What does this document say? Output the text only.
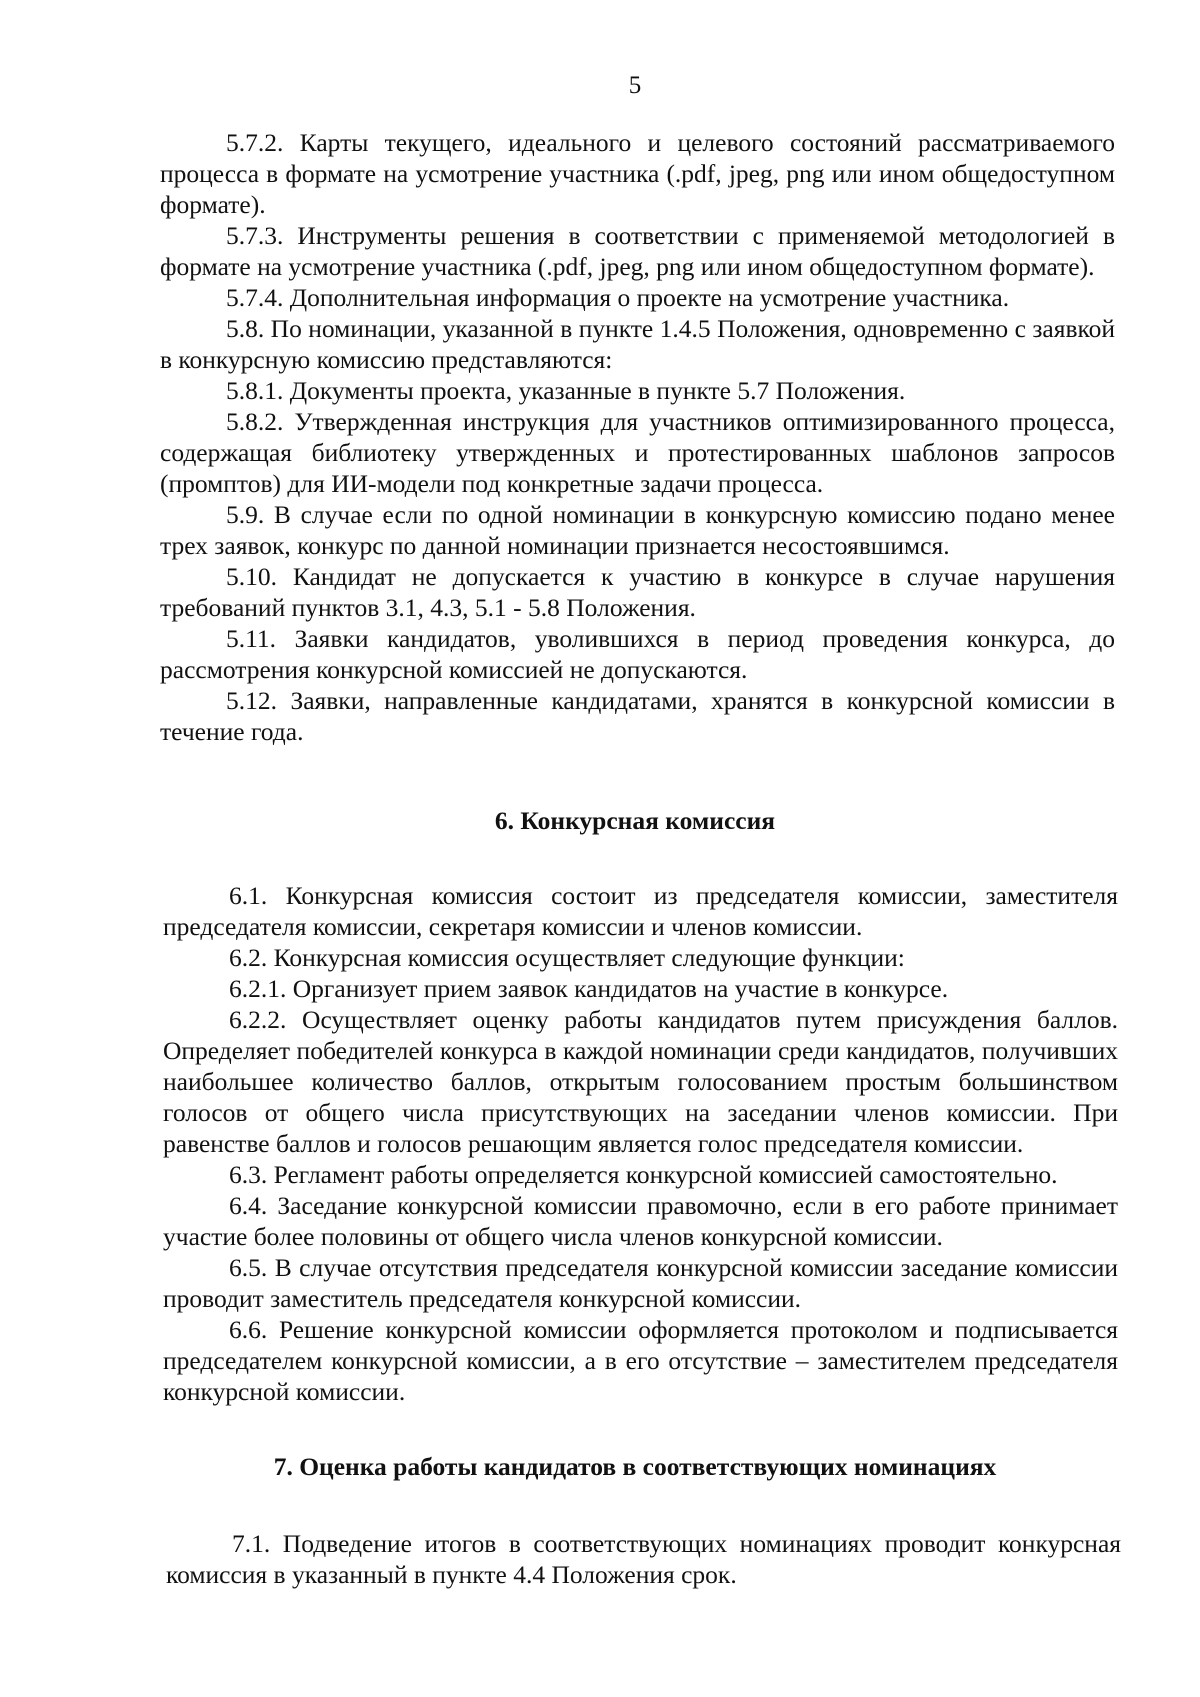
5

5.7.2. Карты текущего, идеального и целевого состояний рассматриваемого процесса в формате на усмотрение участника (.pdf, jpeg, png или ином общедоступном формате).

5.7.3. Инструменты решения в соответствии с применяемой методологией в формате на усмотрение участника (.pdf, jpeg, png или ином общедоступном формате).

5.7.4. Дополнительная информация о проекте на усмотрение участника.

5.8. По номинации, указанной в пункте 1.4.5 Положения, одновременно с заявкой в конкурсную комиссию представляются:

5.8.1. Документы проекта, указанные в пункте 5.7 Положения.

5.8.2. Утвержденная инструкция для участников оптимизированного процесса, содержащая библиотеку утвержденных и протестированных шаблонов запросов (промптов) для ИИ-модели под конкретные задачи процесса.

5.9. В случае если по одной номинации в конкурсную комиссию подано менее трех заявок, конкурс по данной номинации признается несостоявшимся.

5.10. Кандидат не допускается к участию в конкурсе в случае нарушения требований пунктов 3.1, 4.3, 5.1 - 5.8 Положения.

5.11. Заявки кандидатов, уволившихся в период проведения конкурса, до рассмотрения конкурсной комиссией не допускаются.

5.12. Заявки, направленные кандидатами, хранятся в конкурсной комиссии в течение года.

6. Конкурсная комиссия

6.1. Конкурсная комиссия состоит из председателя комиссии, заместителя председателя комиссии, секретаря комиссии и членов комиссии.

6.2. Конкурсная комиссия осуществляет следующие функции:

6.2.1. Организует прием заявок кандидатов на участие в конкурсе.

6.2.2. Осуществляет оценку работы кандидатов путем присуждения баллов. Определяет победителей конкурса в каждой номинации среди кандидатов, получивших наибольшее количество баллов, открытым голосованием простым большинством голосов от общего числа присутствующих на заседании членов комиссии. При равенстве баллов и голосов решающим является голос председателя комиссии.

6.3. Регламент работы определяется конкурсной комиссией самостоятельно.

6.4. Заседание конкурсной комиссии правомочно, если в его работе принимает участие более половины от общего числа членов конкурсной комиссии.

6.5. В случае отсутствия председателя конкурсной комиссии заседание комиссии проводит заместитель председателя конкурсной комиссии.

6.6. Решение конкурсной комиссии оформляется протоколом и подписывается председателем конкурсной комиссии, а в его отсутствие – заместителем председателя конкурсной комиссии.

7. Оценка работы кандидатов в соответствующих номинациях

7.1. Подведение итогов в соответствующих номинациях проводит конкурсная комиссия в указанный в пункте 4.4 Положения срок.
